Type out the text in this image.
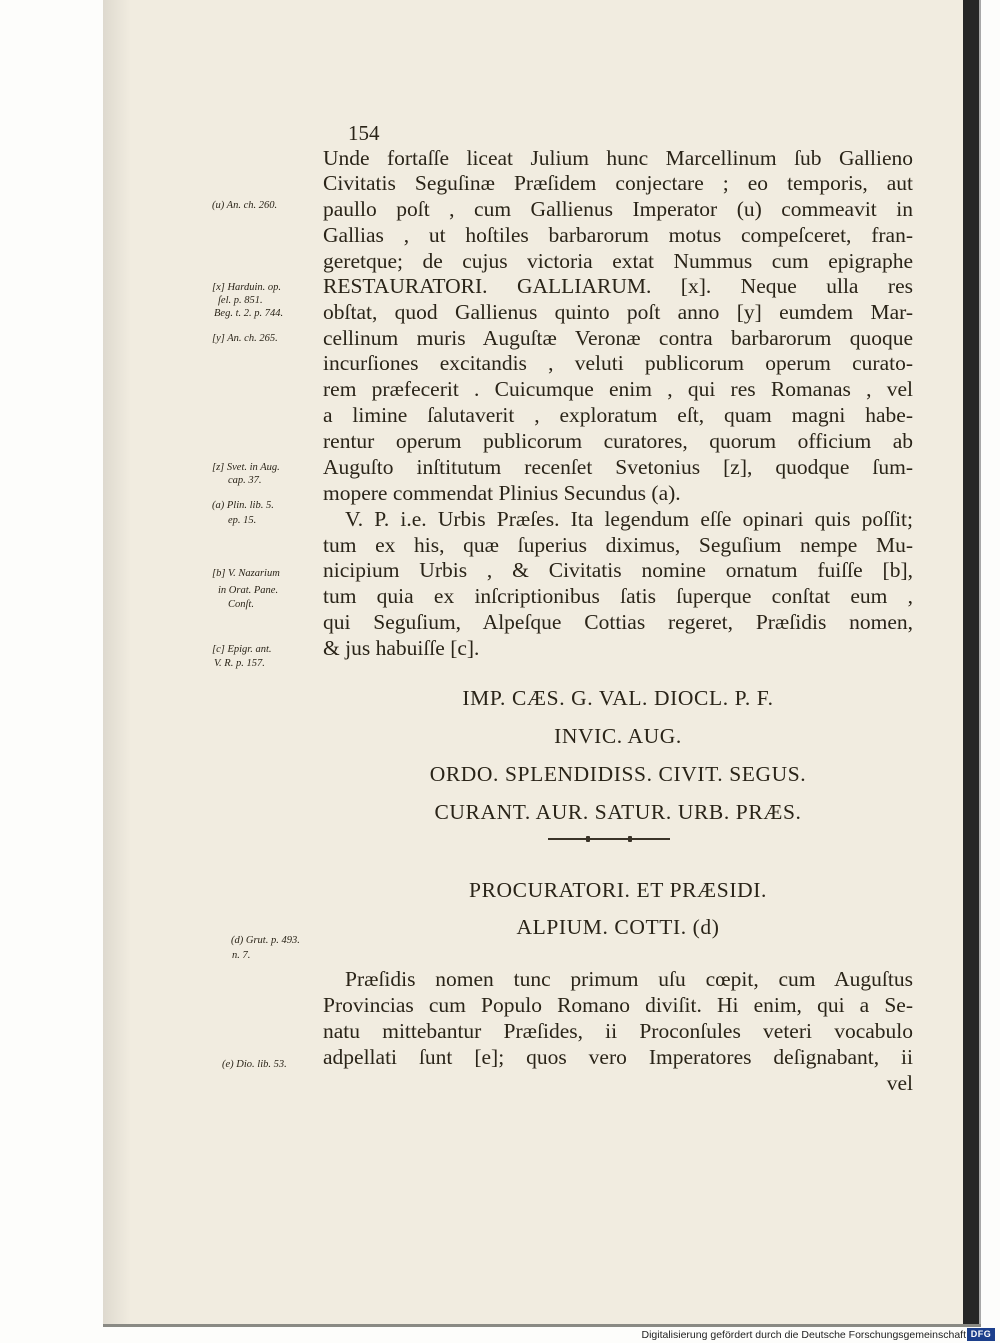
154
Unde fortaſſe liceat Julium hunc Marcellinum ſub Gallieno
Civitatis Seguſinæ Præſidem conjectare ; eo temporis, aut
paullo poſt , cum Gallienus Imperator (u) commeavit in
Gallias , ut hoſtiles barbarorum motus compeſceret, fran-
geretque; de cujus victoria extat Nummus cum epigraphe
RESTAURATORI. GALLIARUM. [x]. Neque ulla res
obſtat, quod Gallienus quinto poſt anno [y] eumdem Mar-
cellinum muris Auguſtæ Veronæ contra barbarorum quoque
incurſiones excitandis , veluti publicorum operum curato-
rem præfecerit . Cuicumque enim , qui res Romanas , vel
a limine ſalutaverit , exploratum eſt, quam magni habe-
rentur operum publicorum curatores, quorum officium ab
Auguſto inſtitutum recenſet Svetonius [z], quodque ſum-
mopere commendat Plinius Secundus (a).
V. P. i.e. Urbis Præſes. Ita legendum eſſe opinari quis poſſit;
tum ex his, quæ ſuperius diximus, Seguſium nempe Mu-
nicipium Urbis , & Civitatis nomine ornatum fuiſſe [b],
tum quia ex inſcriptionibus ſatis ſuperque conſtat eum ,
qui Seguſium, Alpeſque Cottias regeret, Præſidis nomen,
& jus habuiſſe [c].
IMP. CÆS. G. VAL. DIOCL. P. F.
INVIC. AUG.
ORDO. SPLENDIDISS. CIVIT. SEGUS.
CURANT. AUR. SATUR. URB. PRÆS.
PROCURATORI. ET PRÆSIDI.
ALPIUM. COTTI. (d)
Præſidis nomen tunc primum uſu cœpit, cum Auguſtus
Provincias cum Populo Romano diviſit. Hi enim, qui a Se-
natu mittebantur Præſides, ii Proconſules veteri vocabulo
adpellati ſunt [e]; quos vero Imperatores deſignabant, ii
vel
(u) An. ch. 260.
[x] Harduin. op.
ſel. p. 851.
Beg. t. 2. p. 744.
[y] An. ch. 265.
[z] Svet. in Aug.
cap. 37.
(a) Plin. lib. 5.
ep. 15.
[b] V. Nazarium
in Orat. Pane.
Conſt.
[c] Epigr. ant.
V. R. p. 157.
(d) Grut. p. 493.
n. 7.
(e) Dio. lib. 53.
Digitalisierung gefördert durch die Deutsche Forschungsgemeinschaft DFG
